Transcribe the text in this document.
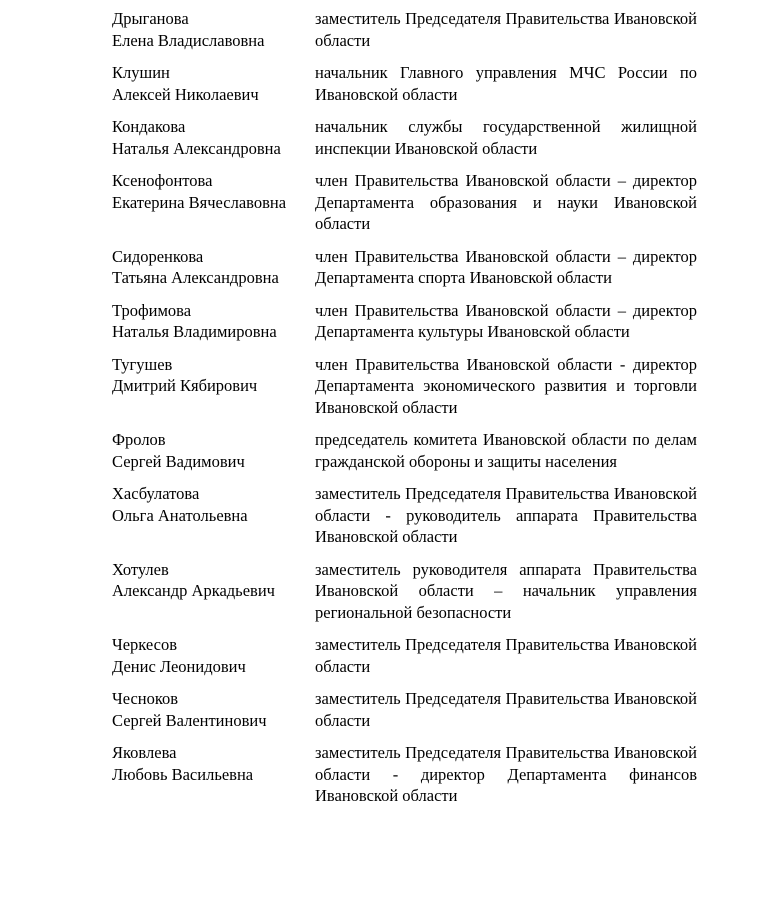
Дрыганова
Елена Владиславовна
заместитель Председателя Правительства Ивановской области
Клушин
Алексей Николаевич
начальник Главного управления МЧС России по Ивановской области
Кондакова
Наталья Александровна
начальник службы государственной жилищной инспекции Ивановской области
Ксенофонтова
Екатерина Вячеславовна
член Правительства Ивановской области – директор Департамента образования и науки Ивановской области
Сидоренкова
Татьяна Александровна
член Правительства Ивановской области – директор Департамента спорта Ивановской области
Трофимова
Наталья Владимировна
член Правительства Ивановской области – директор Департамента культуры Ивановской области
Тугушев
Дмитрий Кябирович
член Правительства Ивановской области - директор Департамента экономического развития и торговли Ивановской области
Фролов
Сергей Вадимович
председатель комитета Ивановской области по делам гражданской обороны и защиты населения
Хасбулатова
Ольга Анатольевна
заместитель Председателя Правительства Ивановской области - руководитель аппарата Правительства Ивановской области
Хотулев
Александр Аркадьевич
заместитель руководителя аппарата Правительства Ивановской области – начальник управления региональной безопасности
Черкесов
Денис Леонидович
заместитель Председателя Правительства Ивановской области
Чесноков
Сергей Валентинович
заместитель Председателя Правительства Ивановской области
Яковлева
Любовь Васильевна
заместитель Председателя Правительства Ивановской области - директор Департамента финансов Ивановской области
